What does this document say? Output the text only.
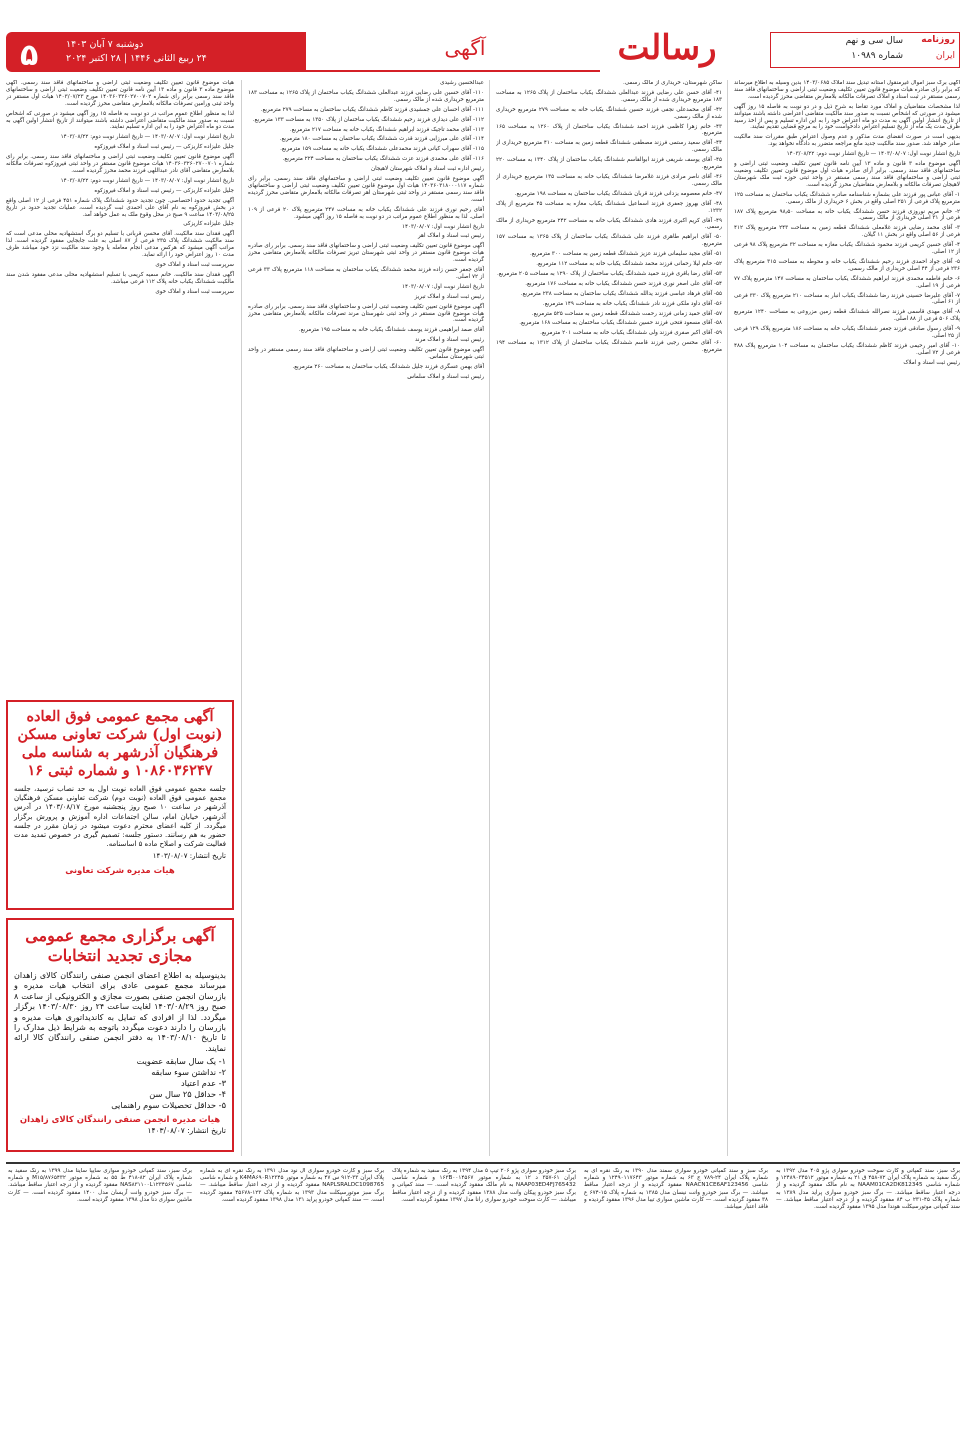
۵	دوشنبه ۷ آبان ۱۴۰۳
۲۴ ربیع الثانی ۱۴۴۶ | ۲۸ اکتبر ۲۰۲۴	آگهی	رسالت	روزنامه
سال سی و نهم
ایران
شماره ۱۰۹۸۹
آگهی برگ سبز اموال غیرمنقول آستانه تبدیل سند املاک ۱۴۰۳/۰۶۸۵ بدین وسیله به اطلاع میرساند که برابر رای صادره هیات موضوع قانون تعیین تکلیف وضعیت ثبتی اراضی و ساختمانهای فاقد سند رسمی مستقر در ثبت اسناد و املاک تصرفات مالکانه بلامعارض متقاضی محرز گردیده است.
لذا مشخصات متقاضیان و املاک مورد تقاضا به شرح ذیل و در دو نوبت به فاصله ۱۵ روز آگهی میشود در صورتی که اشخاص نسبت به صدور سند مالکیت متقاضی اعتراضی داشته باشند میتوانند از تاریخ انتشار اولین آگهی به مدت دو ماه اعتراض خود را به این اداره تسلیم و پس از اخذ رسید ظرف مدت یک ماه از تاریخ تسلیم اعتراض دادخواست خود را به مرجع قضایی تقدیم نمایند.
بدیهی است در صورت انقضای مدت مذکور و عدم وصول اعتراض طبق مقررات سند مالکیت صادر خواهد شد. صدور سند مالکیت جدید مانع مراجعه متضرر به دادگاه نخواهد بود.
تاریخ انتشار نوبت اول: ۱۴۰۳/۰۸/۰۷ — تاریخ انتشار نوبت دوم: ۱۴۰۳/۰۸/۲۲
آگهی موضوع ماده ۳ قانون و ماده ۱۳ آیین نامه قانون تعیین تکلیف وضعیت ثبتی اراضی و ساختمانهای فاقد سند رسمی. برابر آرای صادره هیات اول موضوع قانون تعیین تکلیف وضعیت ثبتی اراضی و ساختمانهای فاقد سند رسمی مستقر در واحد ثبتی حوزه ثبت ملک شهرستان لاهیجان تصرفات مالکانه و بلامعارض متقاضیان محرز گردیده است.
۱- آقای عباس پور فرزند علی بشماره شناسنامه صادره ششدانگ یکباب ساختمان به مساحت ۱۲۵ مترمربع پلاک فرعی از ۲۵۱ اصلی واقع در بخش ۶ خریداری از مالک رسمی.
۲- خانم مریم نوروزی فرزند حسن ششدانگ یکباب خانه به مساحت ۹۸٫۵۰ مترمربع پلاک ۱۸۷ فرعی از ۳۱ اصلی خریداری از مالک رسمی.
۳- آقای محمد رضایی فرزند غلامعلی ششدانگ قطعه زمین به مساحت ۲۴۳ مترمربع پلاک ۴۱۲ فرعی از ۵۶ اصلی واقع در بخش ۱۱ گیلان.
۴- آقای حسین کریمی فرزند محمود ششدانگ یکباب مغازه به مساحت ۳۲ مترمربع پلاک ۹۸ فرعی از ۱۲ اصلی.
۵- آقای جواد احمدی فرزند رحیم ششدانگ یکباب خانه و محوطه به مساحت ۳۱۵ مترمربع پلاک ۲۳۶ فرعی از ۴۴ اصلی خریداری از مالک رسمی.
۶- خانم فاطمه محمدی فرزند ابراهیم ششدانگ یکباب ساختمان به مساحت ۱۴۷ مترمربع پلاک ۷۷ فرعی از ۱۹ اصلی.
۷- آقای علیرضا حسینی فرزند رضا ششدانگ یکباب انبار به مساحت ۲۱۰ مترمربع پلاک ۳۳۰ فرعی از ۶۱ اصلی.
۸- آقای مهدی قاسمی فرزند نصرالله ششدانگ قطعه زمین مزروعی به مساحت ۱۲۴۰ مترمربع پلاک ۵۰۶ فرعی از ۸۸ اصلی.
۹- آقای رسول صادقی فرزند جعفر ششدانگ یکباب خانه به مساحت ۱۸۶ مترمربع پلاک ۱۲۹ فرعی از ۲۵ اصلی.
۱۰- آقای امیر رحیمی فرزند کاظم ششدانگ یکباب ساختمان به مساحت ۱۰۴ مترمربع پلاک ۴۸۸ فرعی از ۷۲ اصلی.
رئیس ثبت اسناد و املاک
ساکن شهرستان، خریداری از مالک رسمی.
۴۱- آقای حسن علی رضایی فرزند عبدالعلی ششدانگ یکباب ساختمان از پلاک ۱۲۶۵ به مساحت ۱۸۳ مترمربع خریداری شده از مالک رسمی.
۴۲- آقای محمدعلی نجفی فرزند حسین ششدانگ یکباب خانه به مساحت ۲۷۹ مترمربع خریداری شده از مالک رسمی.
۴۳- خانم زهرا کاظمی فرزند احمد ششدانگ یکباب ساختمان از پلاک ۱۲۶۰ به مساحت ۱۶۵ مترمربع.
۴۴- آقای سعید رستمی فرزند مصطفی ششدانگ قطعه زمین به مساحت ۴۱۰ مترمربع خریداری از مالک رسمی.
۴۵- آقای یوسف شریفی فرزند ابوالقاسم ششدانگ یکباب ساختمان از پلاک ۱۳۴۰ به مساحت ۲۲۰ مترمربع.
۴۶- آقای ناصر مرادی فرزند غلامرضا ششدانگ یکباب خانه به مساحت ۱۳۵ مترمربع خریداری از مالک رسمی.
۴۷- خانم معصومه یزدانی فرزند قربان ششدانگ یکباب ساختمان به مساحت ۱۹۸ مترمربع.
۴۸- آقای بهروز جعفری فرزند اسماعیل ششدانگ یکباب مغازه به مساحت ۴۵ مترمربع از پلاک ۱۲۳۲.
۴۹- آقای کریم اکبری فرزند هادی ششدانگ یکباب خانه به مساحت ۲۴۲ مترمربع خریداری از مالک رسمی.
۵۰- آقای ابراهیم طاهری فرزند علی ششدانگ یکباب ساختمان از پلاک ۱۳۶۵ به مساحت ۱۵۷ مترمربع.
۵۱- آقای مجید سلیمانی فرزند عزیز ششدانگ قطعه زمین به مساحت ۳۰۰ مترمربع.
۵۲- خانم لیلا رحمانی فرزند محمد ششدانگ یکباب خانه به مساحت ۱۱۲ مترمربع.
۵۳- آقای رضا باقری فرزند حمید ششدانگ یکباب ساختمان از پلاک ۱۲۹۰ به مساحت ۲۰۵ مترمربع.
۵۴- آقای علی اصغر نوری فرزند حسن ششدانگ یکباب خانه به مساحت ۱۷۶ مترمربع.
۵۵- آقای فرهاد عباسی فرزند یدالله ششدانگ یکباب ساختمان به مساحت ۲۳۸ مترمربع.
۵۶- آقای داود ملکی فرزند نادر ششدانگ یکباب خانه به مساحت ۱۴۹ مترمربع.
۵۷- آقای حمید زمانی فرزند رحمت ششدانگ قطعه زمین به مساحت ۵۲۵ مترمربع.
۵۸- آقای مسعود فتحی فرزند حسین ششدانگ یکباب ساختمان به مساحت ۱۶۸ مترمربع.
۵۹- آقای اکبر صفری فرزند ولی ششدانگ یکباب خانه به مساحت ۲۰۱ مترمربع.
۶۰- آقای محسن رجبی فرزند قاسم ششدانگ یکباب ساختمان از پلاک ۱۳۱۲ به مساحت ۱۹۴ مترمربع.
عبدالحسین رشیدی
۱۱۰- آقای حسین علی رضایی فرزند عبدالعلی ششدانگ یکباب ساختمان از پلاک ۱۲۶۵ به مساحت ۱۸۳ مترمربع خریداری شده از مالک رسمی.
۱۱۱- آقای احسان علی جمشیدی فرزند کاظم ششدانگ یکباب ساختمان به مساحت ۲۷۹ مترمربع.
۱۱۲- آقای علی دیداری فرزند رحیم ششدانگ یکباب ساختمان از پلاک ۱۳۵۰ به مساحت ۱۳۳ مترمربع.
۱۱۳- آقای محمد تاجیک فرزند ابراهیم ششدانگ یکباب خانه به مساحت ۲۱۷ مترمربع.
۱۱۴- آقای علی میرزایی فرزند قدرت ششدانگ یکباب ساختمان به مساحت ۱۸۰ مترمربع.
۱۱۵- آقای سهراب کیانی فرزند محمدعلی ششدانگ یکباب خانه به مساحت ۱۵۹ مترمربع.
۱۱۶- آقای علی محمدی فرزند عزت ششدانگ یکباب ساختمان به مساحت ۲۲۴ مترمربع.
رئیس اداره ثبت اسناد و املاک شهرستان لاهیجان
آگهی موضوع قانون تعیین تکلیف وضعیت ثبتی اراضی و ساختمانهای فاقد سند رسمی. برابر رای شماره ۱۴۰۳۶۰۳۱۸۰۰۰۱۱۷ هیات اول موضوع قانون تعیین تکلیف وضعیت ثبتی اراضی و ساختمانهای فاقد سند رسمی مستقر در واحد ثبتی شهرستان اهر تصرفات مالکانه بلامعارض متقاضی محرز گردیده است.
آقای رحیم نوری فرزند علی ششدانگ یکباب خانه به مساحت ۲۴۷ مترمربع پلاک ۲۰ فرعی از ۱۰۹ اصلی. لذا به منظور اطلاع عموم مراتب در دو نوبت به فاصله ۱۵ روز آگهی میشود.
تاریخ انتشار نوبت اول: ۱۴۰۳/۰۸/۰۷
رئیس ثبت اسناد و املاک اهر
آگهی موضوع قانون تعیین تکلیف وضعیت ثبتی اراضی و ساختمانهای فاقد سند رسمی. برابر رای صادره هیات موضوع قانون مستقر در واحد ثبتی شهرستان تبریز تصرفات مالکانه بلامعارض متقاضی محرز گردیده است.
آقای جعفر حسن زاده فرزند محمد ششدانگ یکباب ساختمان به مساحت ۱۱۸ مترمربع پلاک ۳۳ فرعی از ۷۲ اصلی.
تاریخ انتشار نوبت اول: ۱۴۰۳/۰۸/۰۷
رئیس ثبت اسناد و املاک تبریز
آگهی موضوع قانون تعیین تکلیف وضعیت ثبتی اراضی و ساختمانهای فاقد سند رسمی. برابر رای صادره هیات موضوع قانون مستقر در واحد ثبتی شهرستان مرند تصرفات مالکانه بلامعارض متقاضی محرز گردیده است.
آقای صمد ابراهیمی فرزند یوسف ششدانگ یکباب خانه به مساحت ۱۹۵ مترمربع.
رئیس ثبت اسناد و املاک مرند
آگهی موضوع قانون تعیین تکلیف وضعیت ثبتی اراضی و ساختمانهای فاقد سند رسمی مستقر در واحد ثبتی شهرستان سلماس.
آقای بهمن عسگری فرزند جلیل ششدانگ یکباب ساختمان به مساحت ۲۶۰ مترمربع.
رئیس ثبت اسناد و املاک سلماس
هیات موضوع قانون تعیین تکلیف وضعیت ثبتی اراضی و ساختمانهای فاقد سند رسمی. آگهی موضوع ماده ۳ قانون و ماده ۱۳ آیین نامه قانون تعیین تکلیف وضعیت ثبتی اراضی و ساختمانهای فاقد سند رسمی برابر رای شماره ۱۴۰۳۶۰۳۲۶۰۲۷۰۰۷۰۲ مورخ ۱۴۰۳/۰۷/۲۳ هیات اول مستقر در واحد ثبتی ورامین تصرفات مالکانه بلامعارض متقاضی محرز گردیده است.
لذا به منظور اطلاع عموم مراتب در دو نوبت به فاصله ۱۵ روز آگهی میشود در صورتی که اشخاص نسبت به صدور سند مالکیت متقاضی اعتراضی داشته باشند میتوانند از تاریخ انتشار اولین آگهی به مدت دو ماه اعتراض خود را به این اداره تسلیم نمایند.
تاریخ انتشار نوبت اول: ۱۴۰۳/۰۸/۰۷ — تاریخ انتشار نوبت دوم: ۱۴۰۳/۰۸/۲۲
جلیل علیزاده کاریزکی — رئیس ثبت اسناد و املاک فیروزکوه
آگهی موضوع قانون تعیین تکلیف وضعیت ثبتی اراضی و ساختمانهای فاقد سند رسمی. برابر رای شماره ۱۴۰۳۶۰۳۲۶۰۲۷۰۰۷۰۱ هیات موضوع قانون مستقر در واحد ثبتی فیروزکوه تصرفات مالکانه بلامعارض متقاضی آقای نادر عبداللهی فرزند محمد محرز گردیده است.
تاریخ انتشار نوبت اول: ۱۴۰۳/۰۸/۰۷ — تاریخ انتشار نوبت دوم: ۱۴۰۳/۰۸/۲۲
جلیل علیزاده کاریزکی — رئیس ثبت اسناد و املاک فیروزکوه
آگهی تجدید حدود اختصاصی. چون تجدید حدود ششدانگ پلاک شماره ۴۵۱ فرعی از ۱۲ اصلی واقع در بخش فیروزکوه به نام آقای علی احمدی ثبت گردیده است، عملیات تجدید حدود در تاریخ ۱۴۰۳/۰۸/۲۵ ساعت ۹ صبح در محل وقوع ملک به عمل خواهد آمد.
جلیل علیزاده کاریزکی
آگهی فقدان سند مالکیت. آقای محسن قربانی با تسلیم دو برگ استشهادیه محلی مدعی است که سند مالکیت ششدانگ پلاک ۲۳۵ فرعی از ۸۷ اصلی به علت جابجایی مفقود گردیده است. لذا مراتب آگهی میشود که هرکس مدعی انجام معامله یا وجود سند مالکیت نزد خود میباشد ظرف مدت ۱۰ روز اعتراض خود را ارائه نماید.
سرپرست ثبت اسناد و املاک خوی
آگهی فقدان سند مالکیت. خانم سمیه کریمی با تسلیم استشهادیه محلی مدعی مفقود شدن سند مالکیت ششدانگ یکباب خانه پلاک ۱۱۲ فرعی میباشد.
سرپرست ثبت اسناد و املاک خوی
آگهی مجمع عمومی فوق العاده (نوبت اول) شرکت تعاونی مسکن فرهنگیان آذرشهر به شناسه ملی ۱۰۸۶۰۳۶۲۴۷ و شماره ثبتی ۱۶
جلسه مجمع عمومی فوق العاده نوبت اول به حد نصاب نرسید، جلسه مجمع عمومی فوق العاده (نوبت دوم) شرکت تعاونی مسکن فرهنگیان آذرشهر در ساعت ۱۰ صبح روز پنجشنبه مورخ ۱۴۰۳/۰۸/۱۷ در آدرس آذرشهر، خیابان امام، سالن اجتماعات اداره آموزش و پرورش برگزار میگردد. از کلیه اعضای محترم دعوت میشود در زمان مقرر در جلسه حضور به هم رسانند. دستور جلسه: تصمیم گیری در خصوص تمدید مدت فعالیت شرکت و اصلاح ماده ۵ اساسنامه.
تاریخ انتشار: ۱۴۰۳/۰۸/۰۷
هیات مدیره شرکت تعاونی
آگهی برگزاری مجمع عمومی مجازی تجدید انتخابات
بدینوسیله به اطلاع اعضای انجمن صنفی رانندگان کالای زاهدان میرساند مجمع عمومی عادی برای انتخاب هیات مدیره و بازرسان انجمن صنفی بصورت مجازی و الکترونیکی از ساعت ۸ صبح روز ۱۴۰۳/۰۸/۲۹ لغایت ساعت ۲۴ روز ۱۴۰۳/۰۸/۳۰ برگزار میگردد. لذا از افرادی که تمایل به کاندیداتوری هیات مدیره و بازرسان را دارند دعوت میگردد باتوجه به شرایط ذیل مدارک را تا تاریخ ۱۴۰۳/۰۸/۱۰ به دفتر انجمن صنفی رانندگان کالا ارائه نمایند.
۱- یک سال سابقه عضویت
۲- نداشتن سوء سابقه
۳- عدم اعتیاد
۴- حداقل ۲۵ سال سن
۵- حداقل تحصیلات سوم راهنمایی
هیات مدیره انجمن صنفی رانندگان کالای زاهدان
تاریخ انتشار: ۱۴۰۳/۰۸/۰۷
برگ سبز، سند کمپانی و کارت سوخت خودرو سواری پژو ۴۰۵ مدل ۱۳۹۲ به رنگ سفید به شماره پلاک ایران ۷۲-۴۵۸ ق ۲۱ به شماره موتور ۱۲۴۸۹۰۳۴۵۱۲ و شماره شاسی NAAM01CA2DK812345 به نام مالک مفقود گردیده و از درجه اعتبار ساقط میباشد. — برگ سبز خودرو سواری پراید مدل ۱۳۸۹ به شماره پلاک ۴۵-۲۳۱ ب ۸۴ مفقود گردیده و از درجه اعتبار ساقط میباشد. — سند کمپانی موتورسیکلت هوندا مدل ۱۳۹۵ مفقود گردیده است.
برگ سبز و سند کمپانی خودرو سواری سمند مدل ۱۳۹۰ به رنگ نقره ای به شماره پلاک ایران ۲۴-۷۸۹ ج ۶۳ به شماره موتور ۱۲۴۹۰۱۱۷۶۴۳ و شماره شاسی NAACN1CE6AF123456 مفقود گردیده و از درجه اعتبار ساقط میباشد. — برگ سبز خودرو وانت نیسان مدل ۱۳۸۵ به شماره پلاک ۱۵-۶۷۴ ع ۳۸ مفقود گردیده است. — کارت ماشین سواری تیبا مدل ۱۳۹۶ مفقود گردیده و فاقد اعتبار میباشد.
برگ سبز خودرو سواری پژو ۲۰۶ تیپ ۵ مدل ۱۳۹۴ به رنگ سفید به شماره پلاک ایران ۶۱-۳۵۷ د ۱۲ به شماره موتور ۱۶۳B۰۰۱۴۵۶۷ و شماره شاسی NAAP03ED4FJ765432 به نام مالک مفقود گردیده است. — سند کمپانی و برگ سبز خودرو پیکان وانت مدل ۱۳۸۸ مفقود گردیده و از درجه اعتبار ساقط میباشد. — کارت سوخت خودرو سواری رانا مدل ۱۳۹۷ مفقود گردیده است.
برگ سبز و کارت خودرو سواری ال نود مدل ۱۳۹۱ به رنگ نقره ای به شماره پلاک ایران ۳۳-۹۱۲ س ۴۷ به شماره موتور K4MA۶۹۰R۱۲۳۴۵ و شماره شاسی NAPLSRALDC1098765 مفقود گردیده و از درجه اعتبار ساقط میباشد. — برگ سبز موتورسیکلت مدل ۱۳۹۳ به شماره پلاک ۱۲۳-۴۵۶۷۸ مفقود گردیده است. — سند کمپانی خودرو پراید ۱۳۱ مدل ۱۳۹۸ مفقود گردیده است.
برگ سبز، سند کمپانی خودرو سواری سایپا ساینا مدل ۱۳۹۹ به رنگ سفید به شماره پلاک ایران ۸۲-۴۱۸ ط ۵۵ به شماره موتور M۱۵/۸۷۶۵۴۳۲ و شماره شاسی NAS۸۳۱۱۰۰L۱۲۳۴۵۶۷ مفقود گردیده و از درجه اعتبار ساقط میباشد. — برگ سبز خودرو وانت آریسان مدل ۱۴۰۰ مفقود گردیده است. — کارت ماشین سواری دنا مدل ۱۳۹۸ مفقود گردیده است.
